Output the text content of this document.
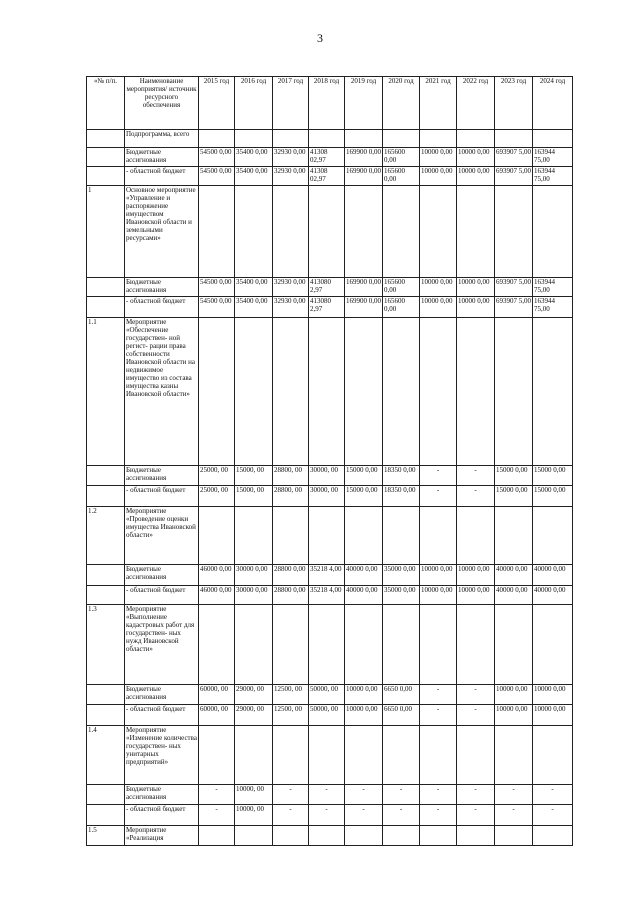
3
«№ п/п.	Наименование мероприятия/ источник ресурсного обеспечения	2015 год	2016 год	2017 год	2018 год	2019 год	2020 год	2021 год	2022 год	2023 год	2024 год
	Подпрограмма, всего										
	Бюджетные ассигнования	54500 0,00	35400 0,00	32930 0,00	41308 02,97	169900 0,00	165600 0,00	10000 0,00	10000 0,00	693907 5,00	163944 75,00
	- областной бюджет	54500 0,00	35400 0,00	32930 0,00	41308 02,97	169900 0,00	165600 0,00	10000 0,00	10000 0,00	693907 5,00	163944 75,00
1	Основное мероприятие «Управление и распоряжение имуществом Ивановской области и земельными ресурсами»										
	Бюджетные ассигнования	54500 0,00	35400 0,00	32930 0,00	413080 2,97	169900 0,00	165600 0,00	10000 0,00	10000 0,00	693907 5,00	163944 75,00
	- областной бюджет	54500 0,00	35400 0,00	32930 0,00	413080 2,97	169900 0,00	165600 0,00	10000 0,00	10000 0,00	693907 5,00	163944 75,00
1.1	Мероприятие «Обеспечение государствен- ной регист- рации права собственности Ивановской области на недвижимое имущество из состава имущества казны Ивановской области»										
	Бюджетные ассигнования	25000, 00	15000, 00	28800, 00	30000, 00	15000 0,00	18350 0,00	-	-	15000 0,00	15000 0,00
	- областной бюджет	25000, 00	15000, 00	28800, 00	30000, 00	15000 0,00	18350 0,00	-	-	15000 0,00	15000 0,00
1.2	Мероприятие «Проведение оценки имущества Ивановской области»										
	Бюджетные ассигнования	46000 0,00	30000 0,00	28800 0,00	35218 4,00	40000 0,00	35000 0,00	10000 0,00	10000 0,00	40000 0,00	40000 0,00
	- областной бюджет	46000 0,00	30000 0,00	28800 0,00	35218 4,00	40000 0,00	35000 0,00	10000 0,00	10000 0,00	40000 0,00	40000 0,00
1.3	Мероприятие «Выполнение кадастровых работ для государствен- ных нужд Ивановской области»										
	Бюджетные ассигнования	60000, 00	29000, 00	12500, 00	50000, 00	10000 0,00	6650 0,00	-	-	10000 0,00	10000 0,00
	- областной бюджет	60000, 00	29000, 00	12500, 00	50000, 00	10000 0,00	6650 0,00	-	-	10000 0,00	10000 0,00
1.4	Мероприятие «Изменение количества государствен- ных унитарных предприятий»										
	Бюджетные ассигнования	-	10000, 00	-	-	-	-	-	-	-	-
	- областной бюджет	-	10000, 00	-	-	-	-	-	-	-	-
1.5	Мероприятие «Реализация										
